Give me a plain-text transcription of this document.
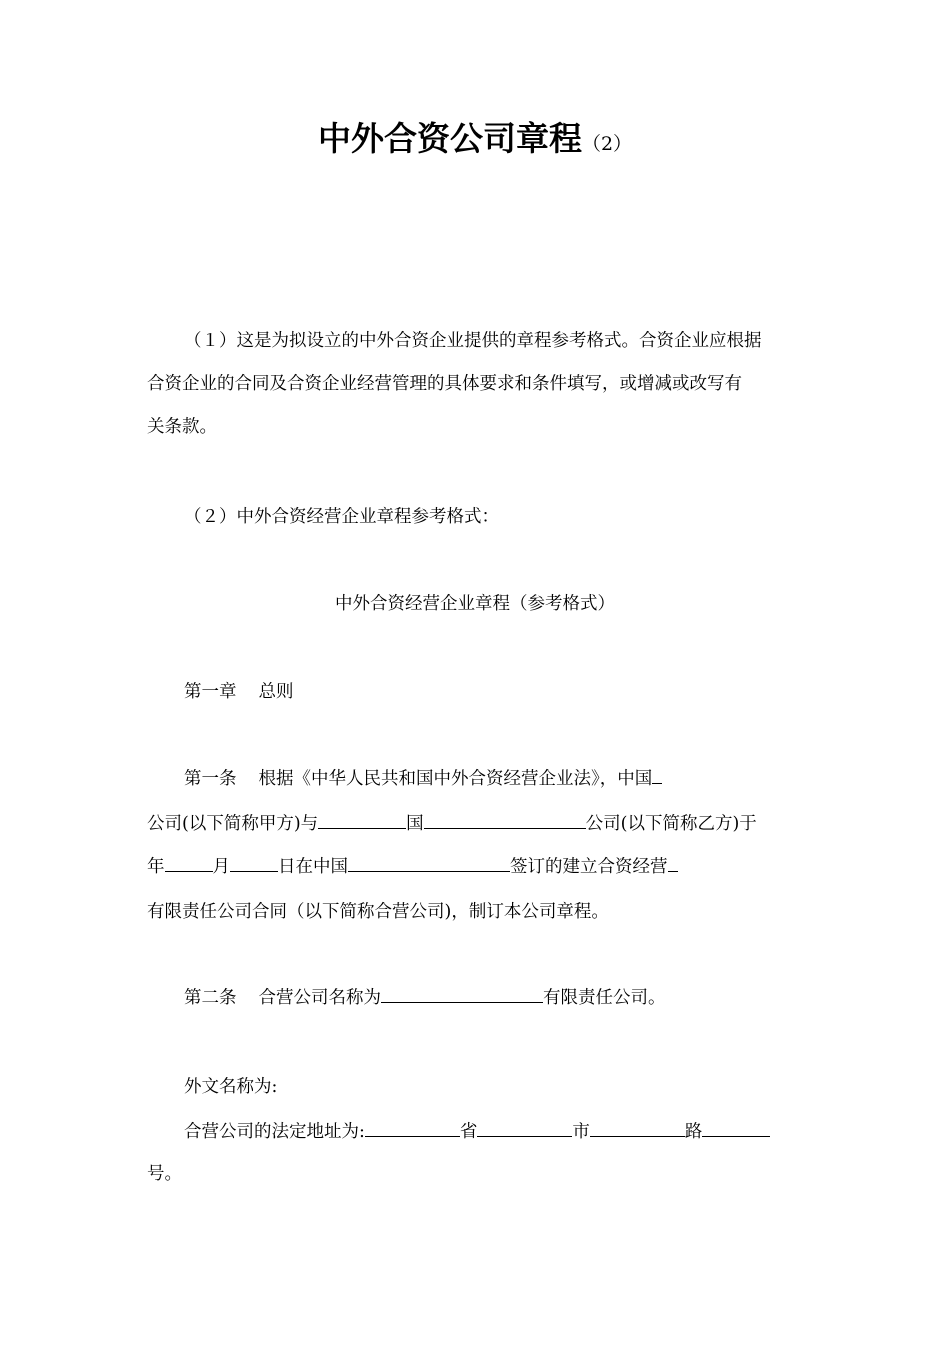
中外合资公司章程（2）
（１）这是为拟设立的中外合资企业提供的章程参考格式。合资企业应根据
合资企业的合同及合资企业经营管理的具体要求和条件填写，或增减或改写有
关条款。
（２）中外合资经营企业章程参考格式：
中外合资经营企业章程（参考格式）
第一章 总则
第一条 根据《中华人民共和国中外合资经营企业法》，中国
公司(以下简称甲方)与	国	公司(以下简称乙方)于
年	月	日在中国	签订的建立合资经营
有限责任公司合同（以下简称合营公司)，制订本公司章程。
第二条 合营公司名称为	有限责任公司。
外文名称为:
合营公司的法定地址为:	省	市	路
号。
